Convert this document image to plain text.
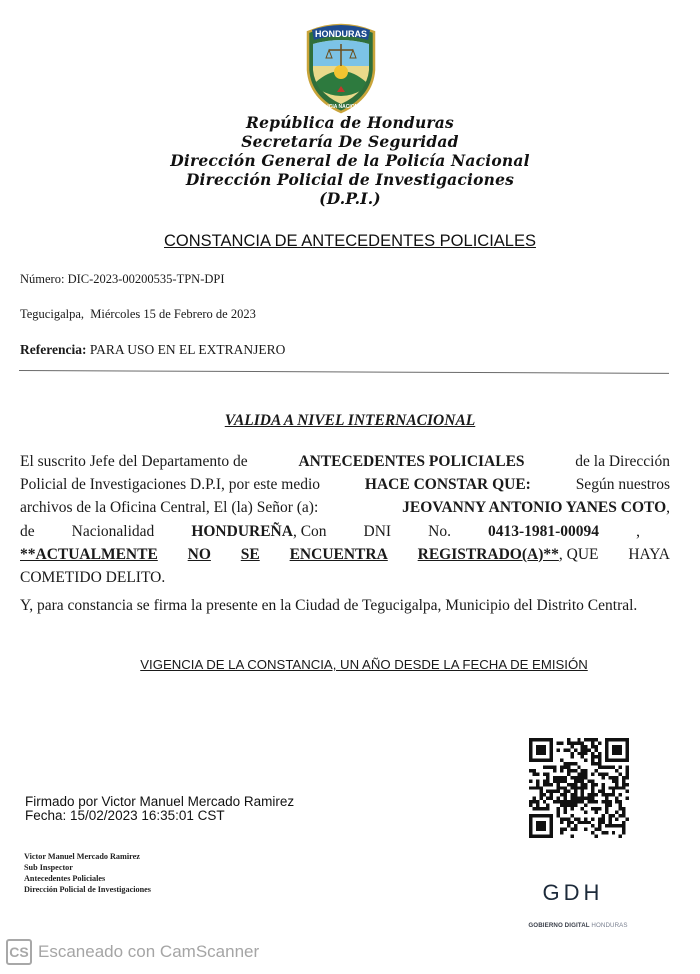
HONDURAS
POLICIA NACIONAL
República de Honduras
Secretaría De Seguridad
Dirección General de la Policía Nacional
Dirección Policial de Investigaciones
(D.P.I.)
CONSTANCIA DE ANTECEDENTES POLICIALES
Número: DIC-2023-00200535-TPN-DPI
Tegucigalpa,  Miércoles 15 de Febrero de 2023
Referencia: PARA USO EN EL EXTRANJERO
VALIDA A NIVEL INTERNACIONAL
El suscrito Jefe del Departamento de	ANTECEDENTES POLICIALES	de la Dirección
Policial de Investigaciones D.P.I, por este medio	HACE CONSTAR QUE:	Según nuestros
archivos de la Oficina Central, El (la) Señor (a):	JEOVANNY ANTONIO YANES COTO,
de Nacionalidad HONDUREÑA, Con DNI No. 0413-1981-00094 ,
**ACTUALMENTE NO SE ENCUENTRA REGISTRADO(A)**, QUE HAYA
COMETIDO DELITO.
Y, para constancia se firma la presente en la Ciudad de Tegucigalpa, Municipio del Distrito Central.
VIGENCIA DE LA CONSTANCIA, UN AÑO DESDE LA FECHA DE EMISIÓN
Firmado por Victor Manuel Mercado Ramirez
Fecha: 15/02/2023 16:35:01 CST
Victor Manuel Mercado Ramirez
Sub Inspector
Antecedentes Policiales
Dirección Policial de Investigaciones	GDH
GOBIERNO DIGITAL HONDURAS
CS Escaneado con CamScanner
